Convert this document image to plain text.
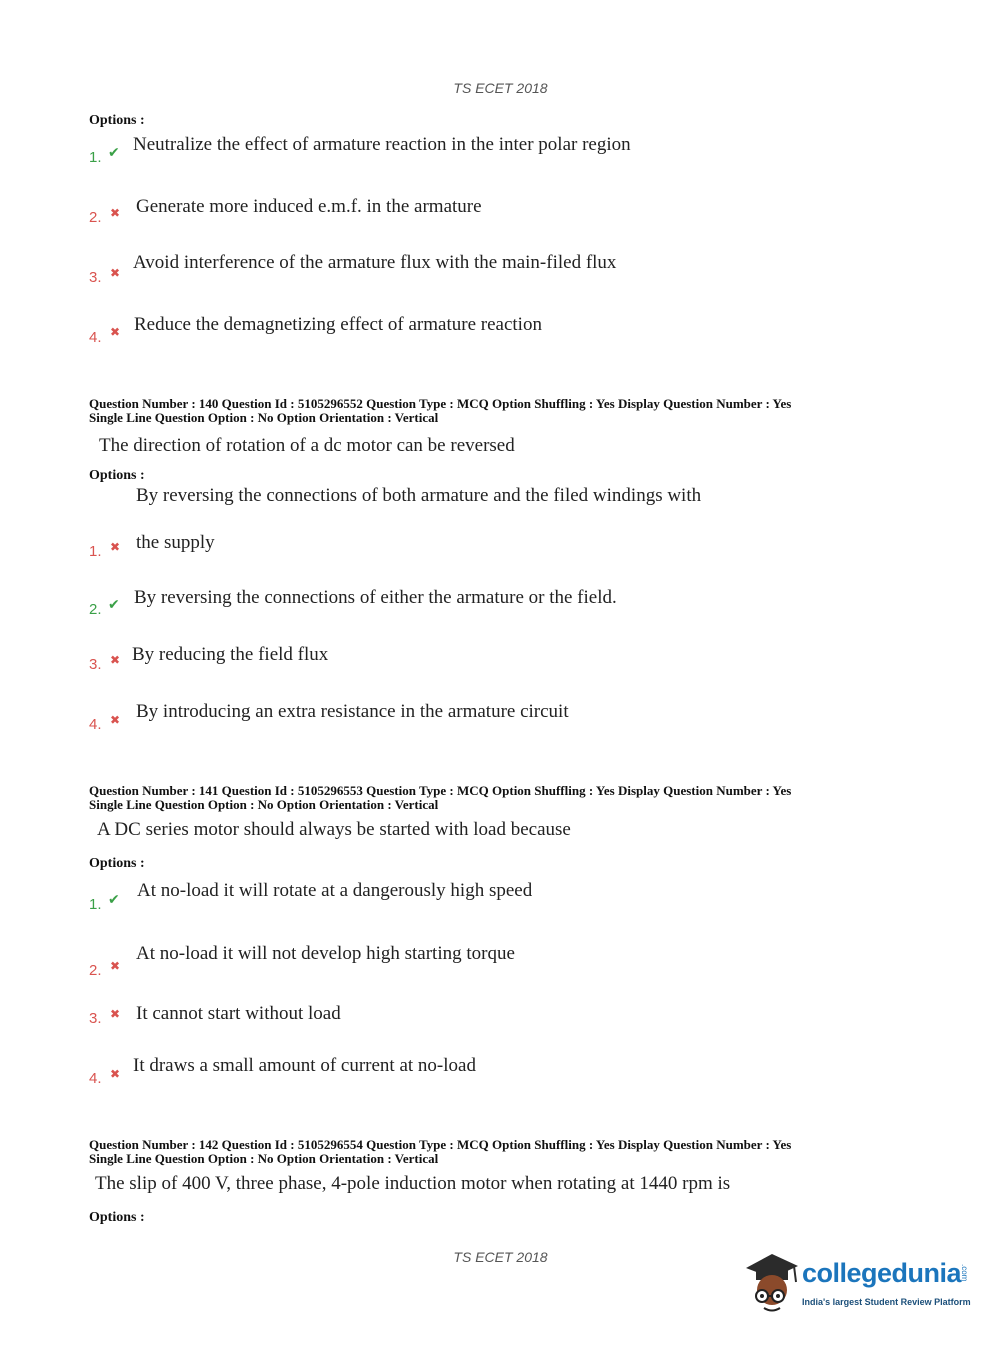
TS ECET 2018
Options :
1. ✔ Neutralize the effect of armature reaction in the inter polar region
2. ✖ Generate more induced e.m.f. in the armature
3. ✖ Avoid interference of the armature flux with the main-filed flux
4. ✖ Reduce the demagnetizing effect of armature reaction
Question Number : 140 Question Id : 5105296552 Question Type : MCQ Option Shuffling : Yes Display Question Number : Yes
Single Line Question Option : No Option Orientation : Vertical
The direction of rotation of a dc motor can be reversed
Options :
By reversing the connections of both armature and the filed windings with
1. ✖ the supply
2. ✔ By reversing the connections of either the armature or the field.
3. ✖ By reducing the field flux
4. ✖ By introducing an extra resistance in the armature circuit
Question Number : 141 Question Id : 5105296553 Question Type : MCQ Option Shuffling : Yes Display Question Number : Yes
Single Line Question Option : No Option Orientation : Vertical
A DC series motor should always be started with load because
Options :
1. ✔ At no-load it will rotate at a dangerously high speed
2. ✖
At no-load it will not develop high starting torque
3. ✖ It cannot start without load
4. ✖ It draws a small amount of current at no-load
Question Number : 142 Question Id : 5105296554 Question Type : MCQ Option Shuffling : Yes Display Question Number : Yes
Single Line Question Option : No Option Orientation : Vertical
The slip of 400 V, three phase, 4-pole induction motor when rotating at 1440 rpm is
Options :
TS ECET 2018
collegedunia
.com
India's largest Student Review Platform
